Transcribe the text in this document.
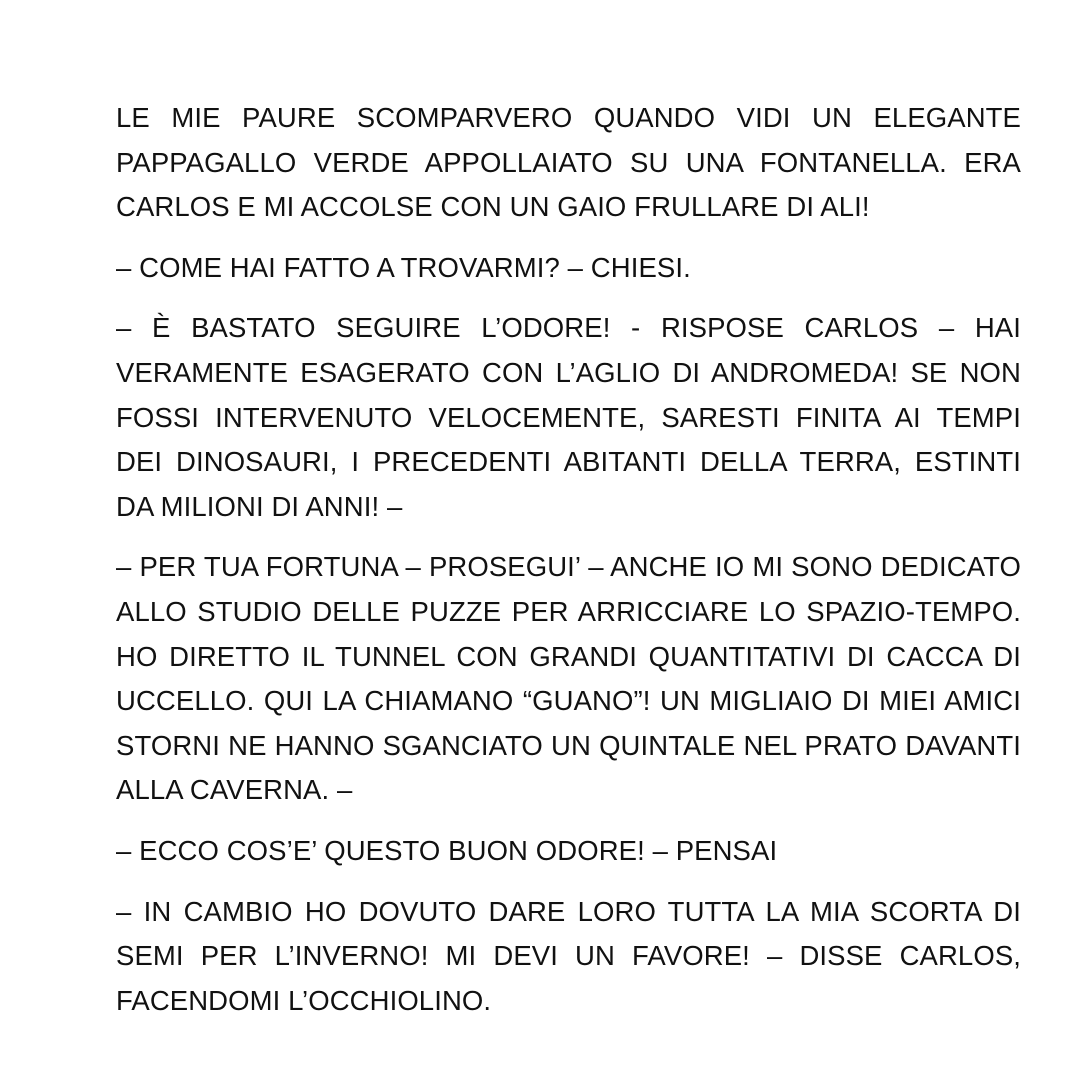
LE MIE PAURE SCOMPARVERO QUANDO VIDI UN ELEGANTE PAPPAGALLO VERDE APPOLLAIATO SU UNA FONTANELLA. ERA CARLOS E MI ACCOLSE CON UN GAIO FRULLARE DI ALI!

– COME HAI FATTO A TROVARMI? – CHIESI.

– È BASTATO SEGUIRE L’ODORE! - RISPOSE CARLOS – HAI VERAMENTE ESAGERATO CON L’AGLIO DI ANDROMEDA! SE NON FOSSI INTERVENUTO VELOCEMENTE, SARESTI FINITA AI TEMPI DEI DINOSAURI, I PRECEDENTI ABITANTI DELLA TERRA, ESTINTI DA MILIONI DI ANNI! –

– PER TUA FORTUNA – PROSEGUI’ – ANCHE IO MI SONO DEDICATO ALLO STUDIO DELLE PUZZE PER ARRICCIARE LO SPAZIO-TEMPO. HO DIRETTO IL TUNNEL CON GRANDI QUANTITATIVI DI CACCA DI UCCELLO. QUI LA CHIAMANO “GUANO”! UN MIGLIAIO DI MIEI AMICI STORNI NE HANNO SGANCIATO UN QUINTALE NEL PRATO DAVANTI ALLA CAVERNA. –

– ECCO COS’E’ QUESTO BUON ODORE! – PENSAI

– IN CAMBIO HO DOVUTO DARE LORO TUTTA LA MIA SCORTA DI SEMI PER L’INVERNO! MI DEVI UN FAVORE! – DISSE CARLOS, FACENDOMI L’OCCHIOLINO.
